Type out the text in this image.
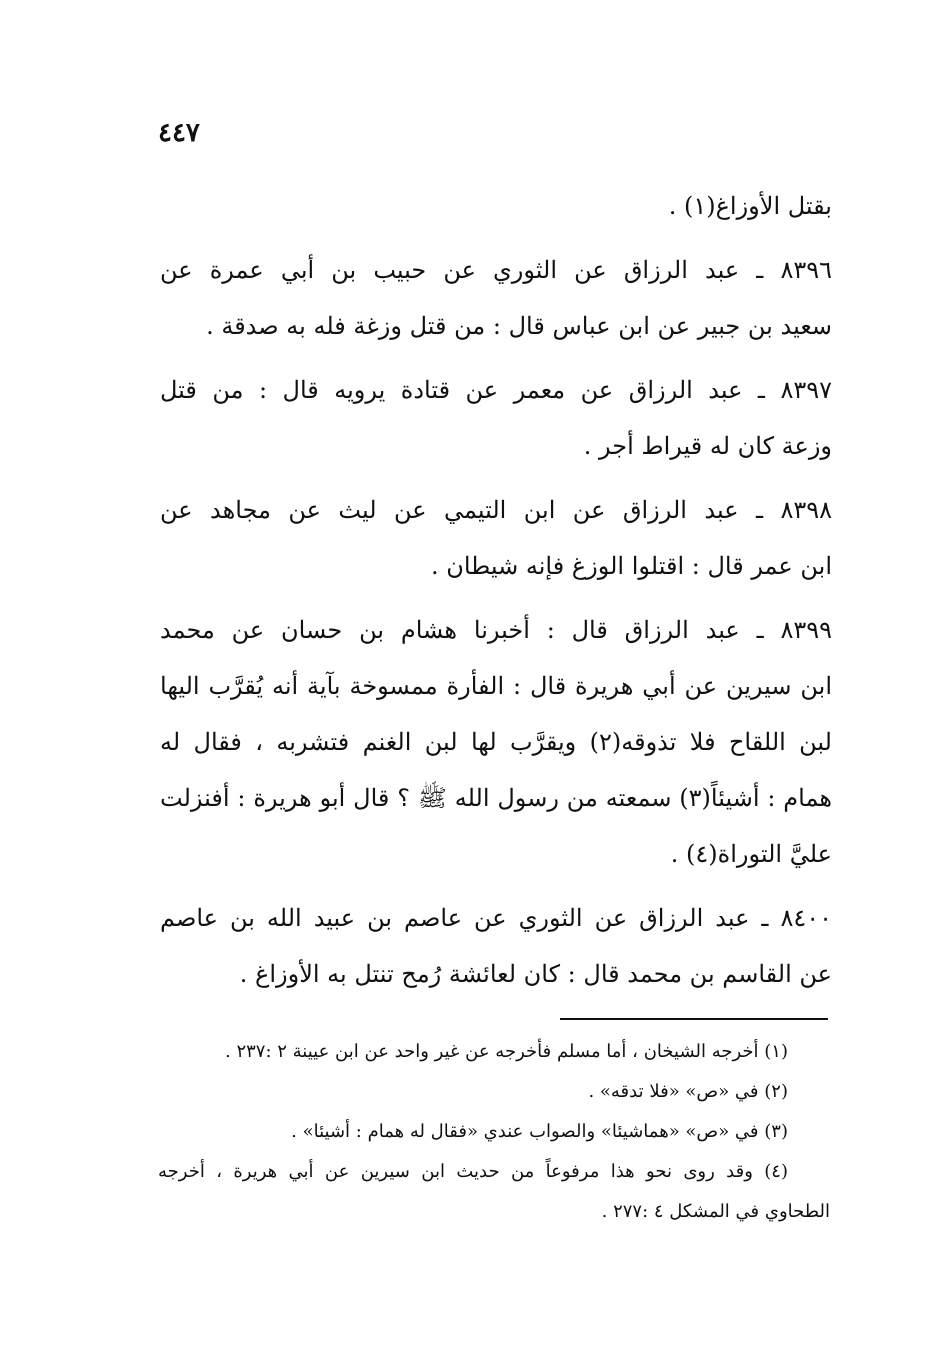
٤٤٧

بقتل الأوزاغ(١) .

٨٣٩٦ ـ عبد الرزاق عن الثوري عن حبيب بن أبي عمرة عن
سعيد بن جبير عن ابن عباس قال : من قتل وزغة فله به صدقة .

٨٣٩٧ ـ عبد الرزاق عن معمر عن قتادة يرويه قال : من قتل
وزعة كان له قيراط أجر .

٨٣٩٨ ـ عبد الرزاق عن ابن التيمي عن ليث عن مجاهد عن
ابن عمر قال : اقتلوا الوزغ فإنه شيطان .

٨٣٩٩ ـ عبد الرزاق قال : أخبرنا هشام بن حسان عن محمد
ابن سيرين عن أبي هريرة قال : الفأرة ممسوخة بآية أنه يُقرَّب اليها
لبن اللقاح فلا تذوقه(٢) ويقرَّب لها لبن الغنم فتشربه ، فقال له
همام : أشيئاً(٣) سمعته من رسول الله ﷺ ؟ قال أبو هريرة : أفنزلت
عليَّ التوراة(٤) .

٨٤٠٠ ـ عبد الرزاق عن الثوري عن عاصم بن عبيد الله بن عاصم
عن القاسم بن محمد قال : كان لعائشة رُمح تنتل به الأوزاغ .

(١) أخرجه الشيخان ، أما مسلم فأخرجه عن غير واحد عن ابن عيينة ٢ :٢٣٧ .
(٢) في «ص» «فلا تدقه» .
(٣) في «ص» «هماشيئا» والصواب عندي «فقال له همام : أشيئا» .
(٤) وقد روى نحو هذا مرفوعاً من حديث ابن سيرين عن أبي هريرة ، أخرجه
الطحاوي في المشكل ٤ :٢٧٧ .
